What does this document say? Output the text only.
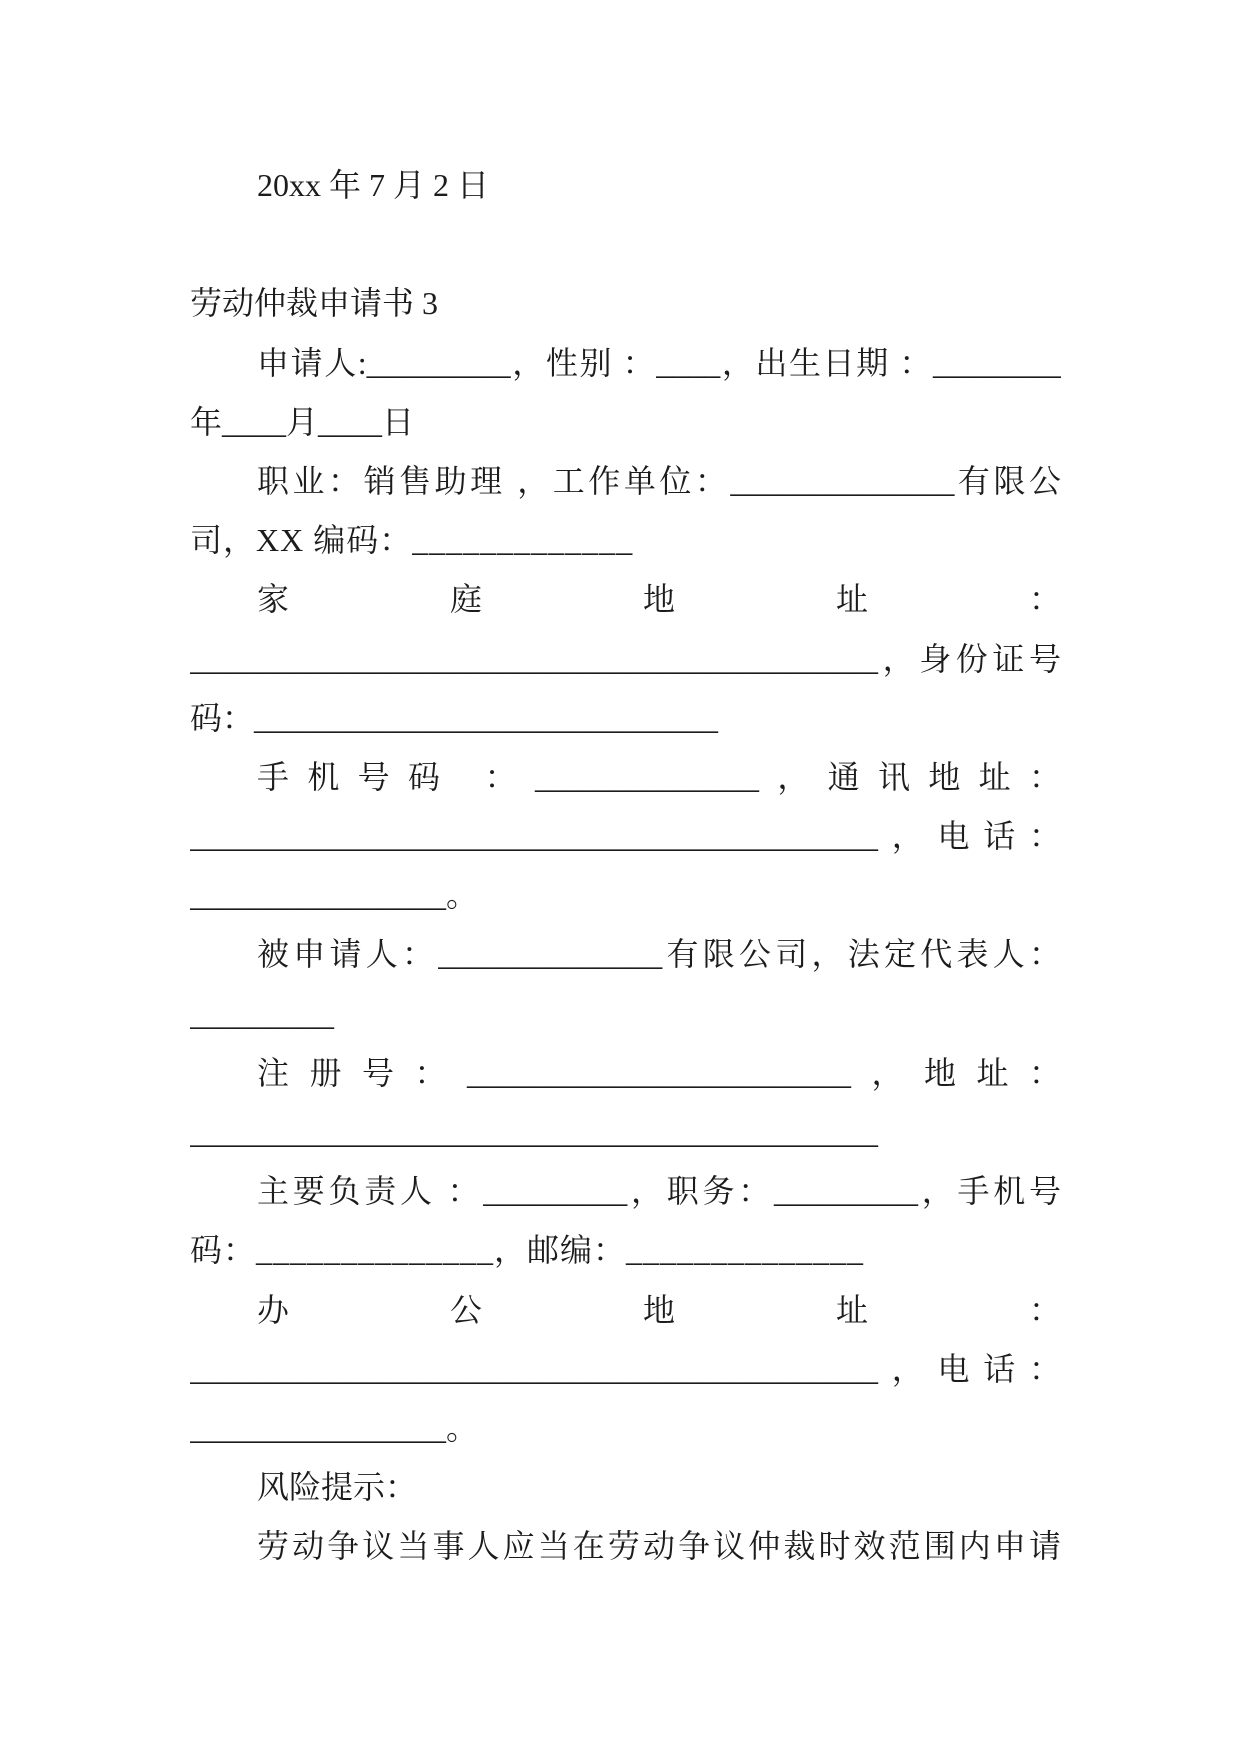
20xx 年 7 月 2 日
劳动仲裁申请书 3
申请人:_________，性别 ：____，出生日期 ：________
年____月____日
职业：销售助理 ，工作单位：______________有限公
司，XX 编码：_____________
家庭地址：
___________________________________________，身份证号
码：_____________________________
手机号码 ：______________，通讯地址：
___________________________________________，电话：
________________。
被申请人：______________有限公司，法定代表人：
_________
注册号：________________________，地址：
___________________________________________
主要负责人 ：_________，职务：_________，手机号
码：______________，邮编：______________
办公地址：
___________________________________________，电话：
________________。
风险提示：
劳动争议当事人应当在劳动争议仲裁时效范围内申请
